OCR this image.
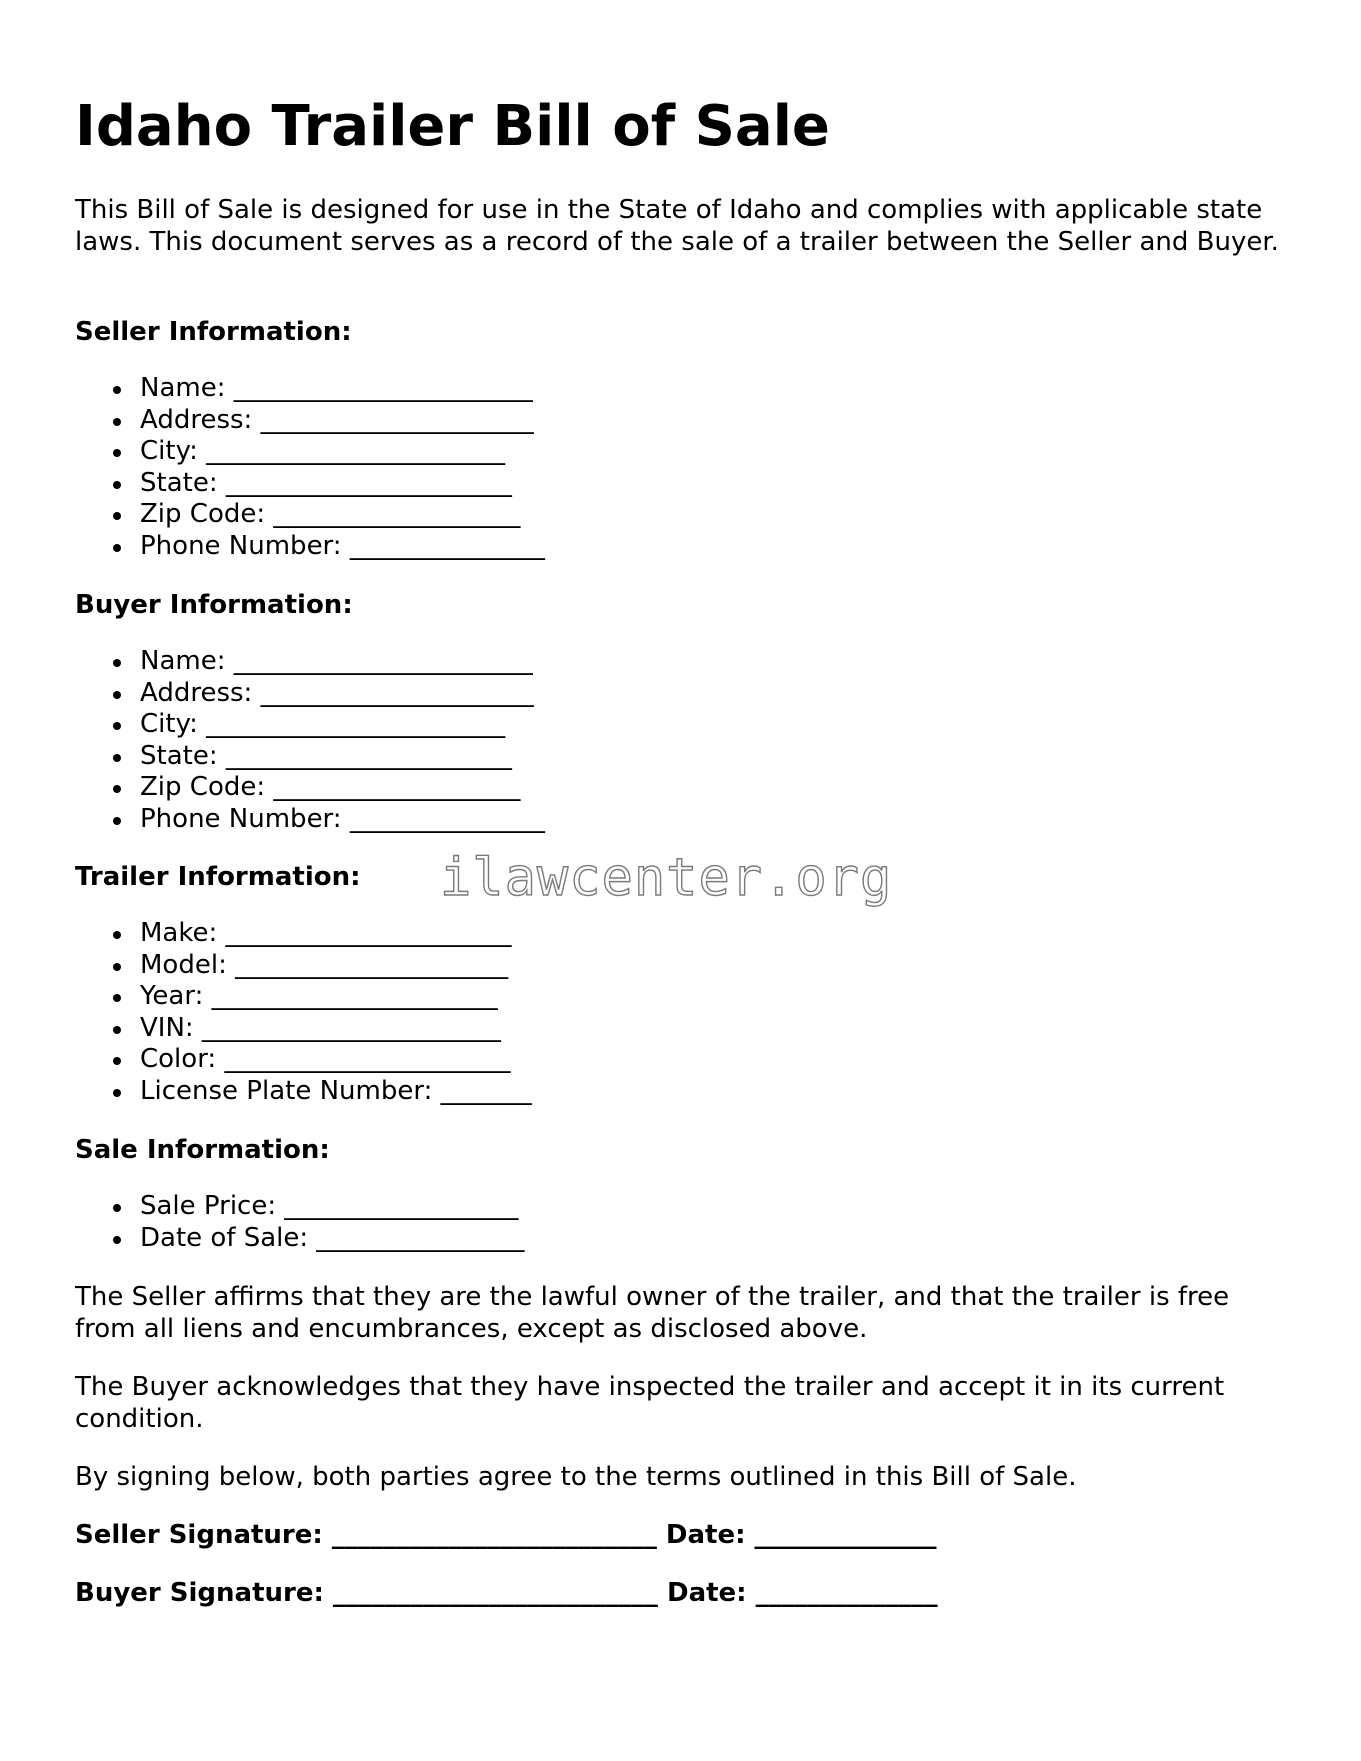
Idaho Trailer Bill of Sale

This Bill of Sale is designed for use in the State of Idaho and complies with applicable state laws. This document serves as a record of the sale of a trailer between the Seller and Buyer.

Seller Information:
Name: _______________________
Address: _____________________
City: _______________________
State: ______________________
Zip Code: ___________________
Phone Number: _______________
Buyer Information:
Name: _______________________
Address: _____________________
City: _______________________
State: ______________________
Zip Code: ___________________
Phone Number: _______________
Trailer Information:
Make: ______________________
Model: _____________________
Year: ______________________
VIN: _______________________
Color: ______________________
License Plate Number: _______
Sale Information:
Sale Price: __________________
Date of Sale: ________________

The Seller affirms that they are the lawful owner of the trailer, and that the trailer is free from all liens and encumbrances, except as disclosed above.

The Buyer acknowledges that they have inspected the trailer and accept it in its current condition.

By signing below, both parties agree to the terms outlined in this Bill of Sale.

Seller Signature: _________________________ Date: ______________

Buyer Signature: _________________________ Date: ______________

ilawcenter.org
